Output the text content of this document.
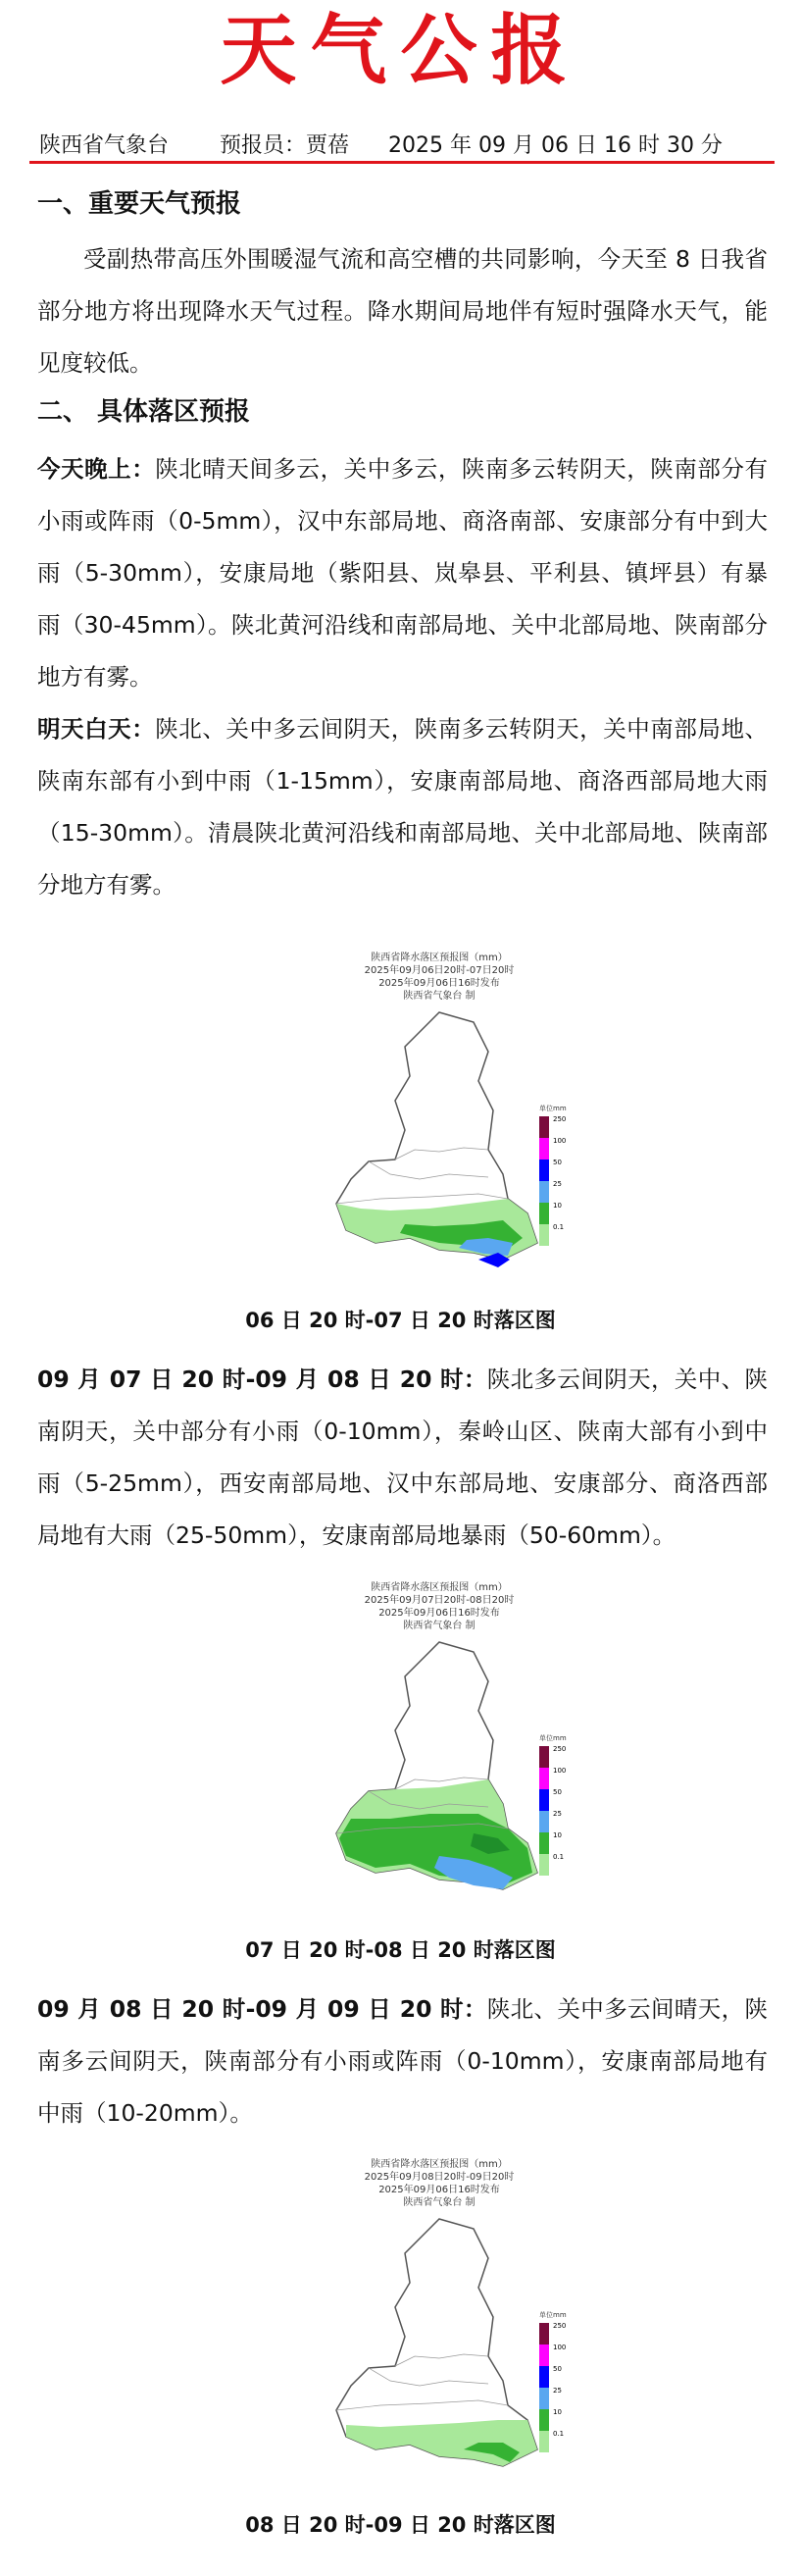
天气公报
陕西省气象台 预报员：贾蓓 2025 年 09 月 06 日 16 时 30 分
一、重要天气预报
受副热带高压外围暖湿气流和高空槽的共同影响，今天至 8 日我省部分地方将出现降水天气过程。降水期间局地伴有短时强降水天气，能见度较低。
二、 具体落区预报
今天晚上：陕北晴天间多云，关中多云，陕南多云转阴天，陕南部分有小雨或阵雨（0-5mm），汉中东部局地、商洛南部、安康部分有中到大雨（5-30mm），安康局地（紫阳县、岚皋县、平利县、镇坪县）有暴雨（30-45mm）。陕北黄河沿线和南部局地、关中北部局地、陕南部分地方有雾。
明天白天：陕北、关中多云间阴天，陕南多云转阴天，关中南部局地、陕南东部有小到中雨（1-15mm），安康南部局地、商洛西部局地大雨（15-30mm）。清晨陕北黄河沿线和南部局地、关中北部局地、陕南部分地方有雾。
陕西省降水落区预报图（mm）
2025年09月06日20时-07日20时
2025年09月06日16时发布
陕西省气象台 制
单位mm
250
100
50
25
10
0.1
06 日 20 时-07 日 20 时落区图
09 月 07 日 20 时-09 月 08 日 20 时：陕北多云间阴天，关中、陕南阴天，关中部分有小雨（0-10mm），秦岭山区、陕南大部有小到中雨（5-25mm），西安南部局地、汉中东部局地、安康部分、商洛西部局地有大雨（25-50mm），安康南部局地暴雨（50-60mm）。
陕西省降水落区预报图（mm）
2025年09月07日20时-08日20时
2025年09月06日16时发布
陕西省气象台 制
单位mm
250
100
50
25
10
0.1
07 日 20 时-08 日 20 时落区图
09 月 08 日 20 时-09 月 09 日 20 时：陕北、关中多云间晴天，陕南多云间阴天，陕南部分有小雨或阵雨（0-10mm），安康南部局地有中雨（10-20mm）。
陕西省降水落区预报图（mm）
2025年09月08日20时-09日20时
2025年09月06日16时发布
陕西省气象台 制
单位mm
250
100
50
25
10
0.1
08 日 20 时-09 日 20 时落区图
